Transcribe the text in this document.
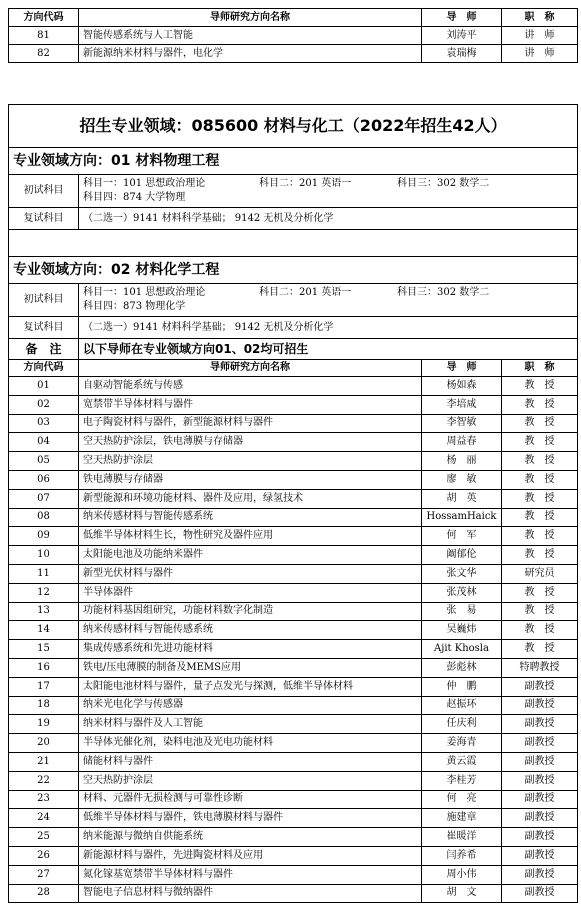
方向代码	导师研究方向名称	导　师	职　称
81	智能传感系统与人工智能	刘涛平	讲　师
82	新能源纳米材料与器件，电化学	袁瑞梅	讲　师
招生专业领域：085600 材料与化工（2022年招生42人）			
专业领域方向：01 材料物理工程			
初试科目	科目一：101 思想政治理论 科目二：201 英语一 科目三：302 数学二
科目四：874 大学物理		

复试科目	（二选一）9141 材料科学基础； 9142 无机及分析化学		

专业领域方向：02 材料化学工程			
初试科目	科目一：101 思想政治理论 科目二：201 英语一 科目三：302 数学二
科目四：873 物理化学		

复试科目	（二选一）9141 材料科学基础； 9142 无机及分析化学		
备　注	以下导师在专业领域方向01、02均可招生		
方向代码	导师研究方向名称	导　师	职　称
01	自驱动智能系统与传感	杨如森	教　授
02	宽禁带半导体材料与器件	李培咸	教　授
03	电子陶瓷材料与器件，新型能源材料与器件	李智敏	教　授
04	空天热防护涂层，铁电薄膜与存储器	周益春	教　授
05	空天热防护涂层	杨　丽	教　授
06	铁电薄膜与存储器	廖　敏	教　授
07	新型能源和环境功能材料、器件及应用，绿氢技术	胡　英	教　授
08	纳米传感材料与智能传感系统	HossamHaick	教　授
09	低维半导体材料生长，物性研究及器件应用	何　军	教　授
10	太阳能电池及功能纳米器件	阚郁伦	教　授
11	新型光伏材料与器件	张文华	研究员
12	半导体器件	张茂林	教　授
13	功能材料基因组研究，功能材料数字化制造	张　易	教　授
14	纳米传感材料与智能传感系统	吴巍炜	教　授
15	集成传感系统和先进功能材料	Ajit Khosla	教　授
16	铁电/压电薄膜的制备及MEMS应用	彭彪林	特聘教授
17	太阳能电池材料与器件，量子点发光与探测，低维半导体材料	仲　鹏	副教授
18	纳米光电化学与传感器	赵振环	副教授
19	纳米材料与器件及人工智能	任庆利	副教授
20	半导体光催化剂，染料电池及光电功能材料	姜海青	副教授
21	储能材料与器件	黄云霞	副教授
22	空天热防护涂层	李桂芳	副教授
23	材料、元器件无损检测与可靠性诊断	何　亮	副教授
24	低维半导体材料与器件，铁电薄膜材料与器件	施建章	副教授
25	纳米能源与微纳自供能系统	崔暖洋	副教授
26	新能源材料与器件，先进陶瓷材料及应用	闫养希	副教授
27	氮化镓基宽禁带半导体材料与器件	周小伟	副教授
28	智能电子信息材料与微纳器件	胡　文	副教授
